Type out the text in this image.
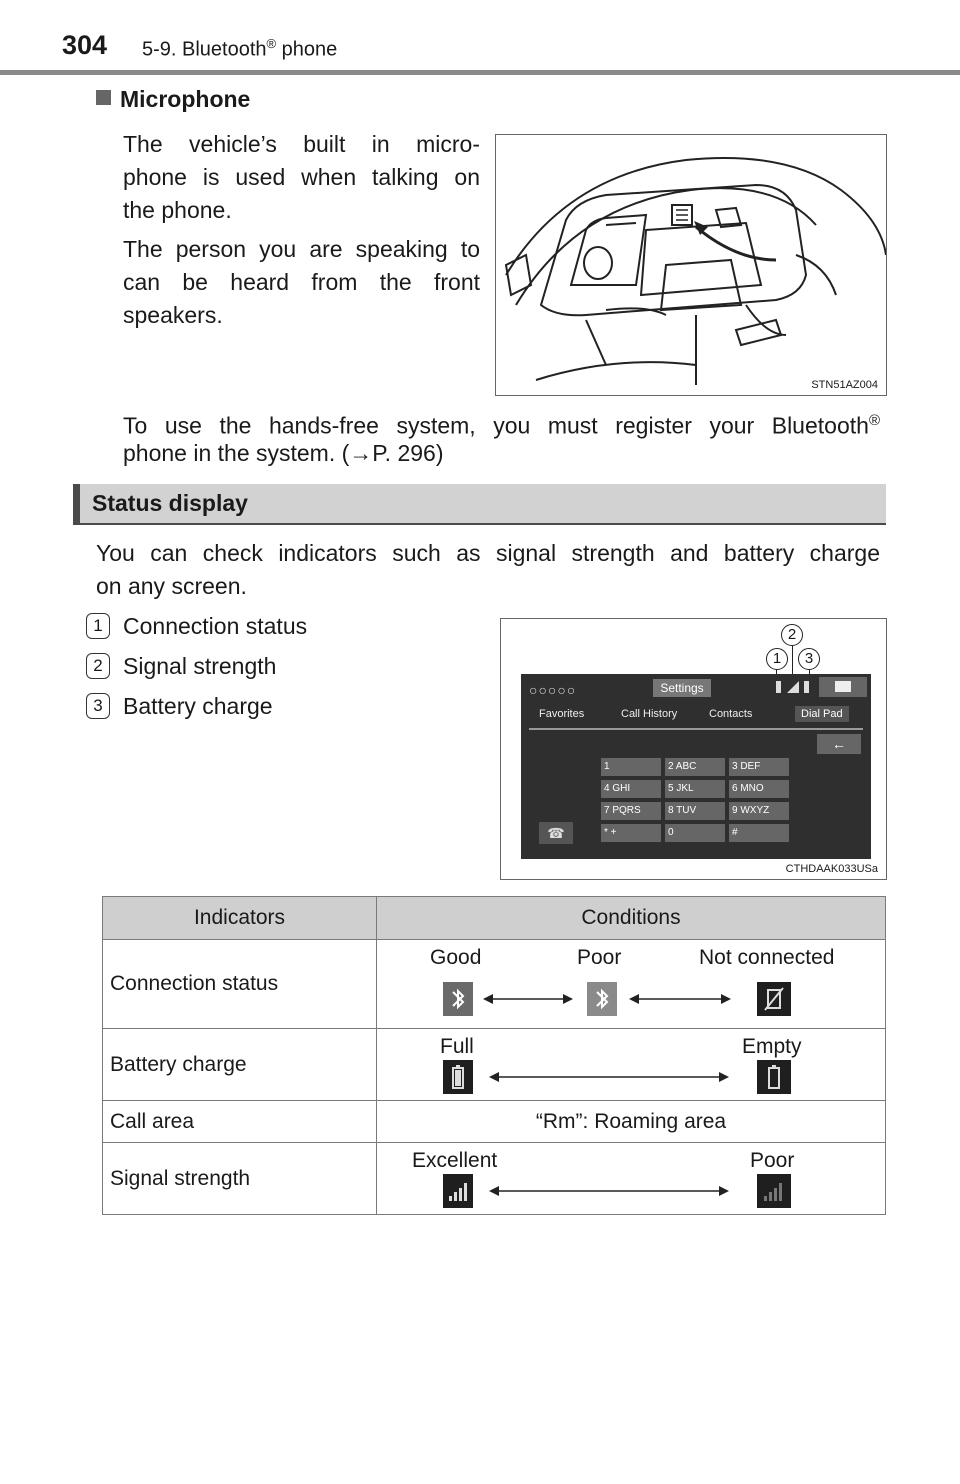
304 5-9. Bluetooth® phone
Microphone
The vehicle’s built in micro-
phone is used when talking on
the phone.
The person you are speaking to
can be heard from the front
speakers.
STN51AZ004
To use the hands-free system, you must register your Bluetooth®
phone in the system. (→P. 296)
Status display
You can check indicators such as signal strength and battery charge
on any screen.
1 Connection status
2 Signal strength
3 Battery charge
2
1	3
○○○○○	Settings
Favorites	Call History	Contacts	Dial Pad
←
1	2 ABC	3 DEF
4 GHI	5 JKL	6 MNO
7 PQRS	8 TUV	9 WXYZ
* +	0	#
☎
CTHDAAK033USa
Indicators	Conditions
Connection status	Good Poor Not connected

Battery charge	Full Empty

Call area	“Rm”: Roaming area
Signal strength	Excellent Poor
